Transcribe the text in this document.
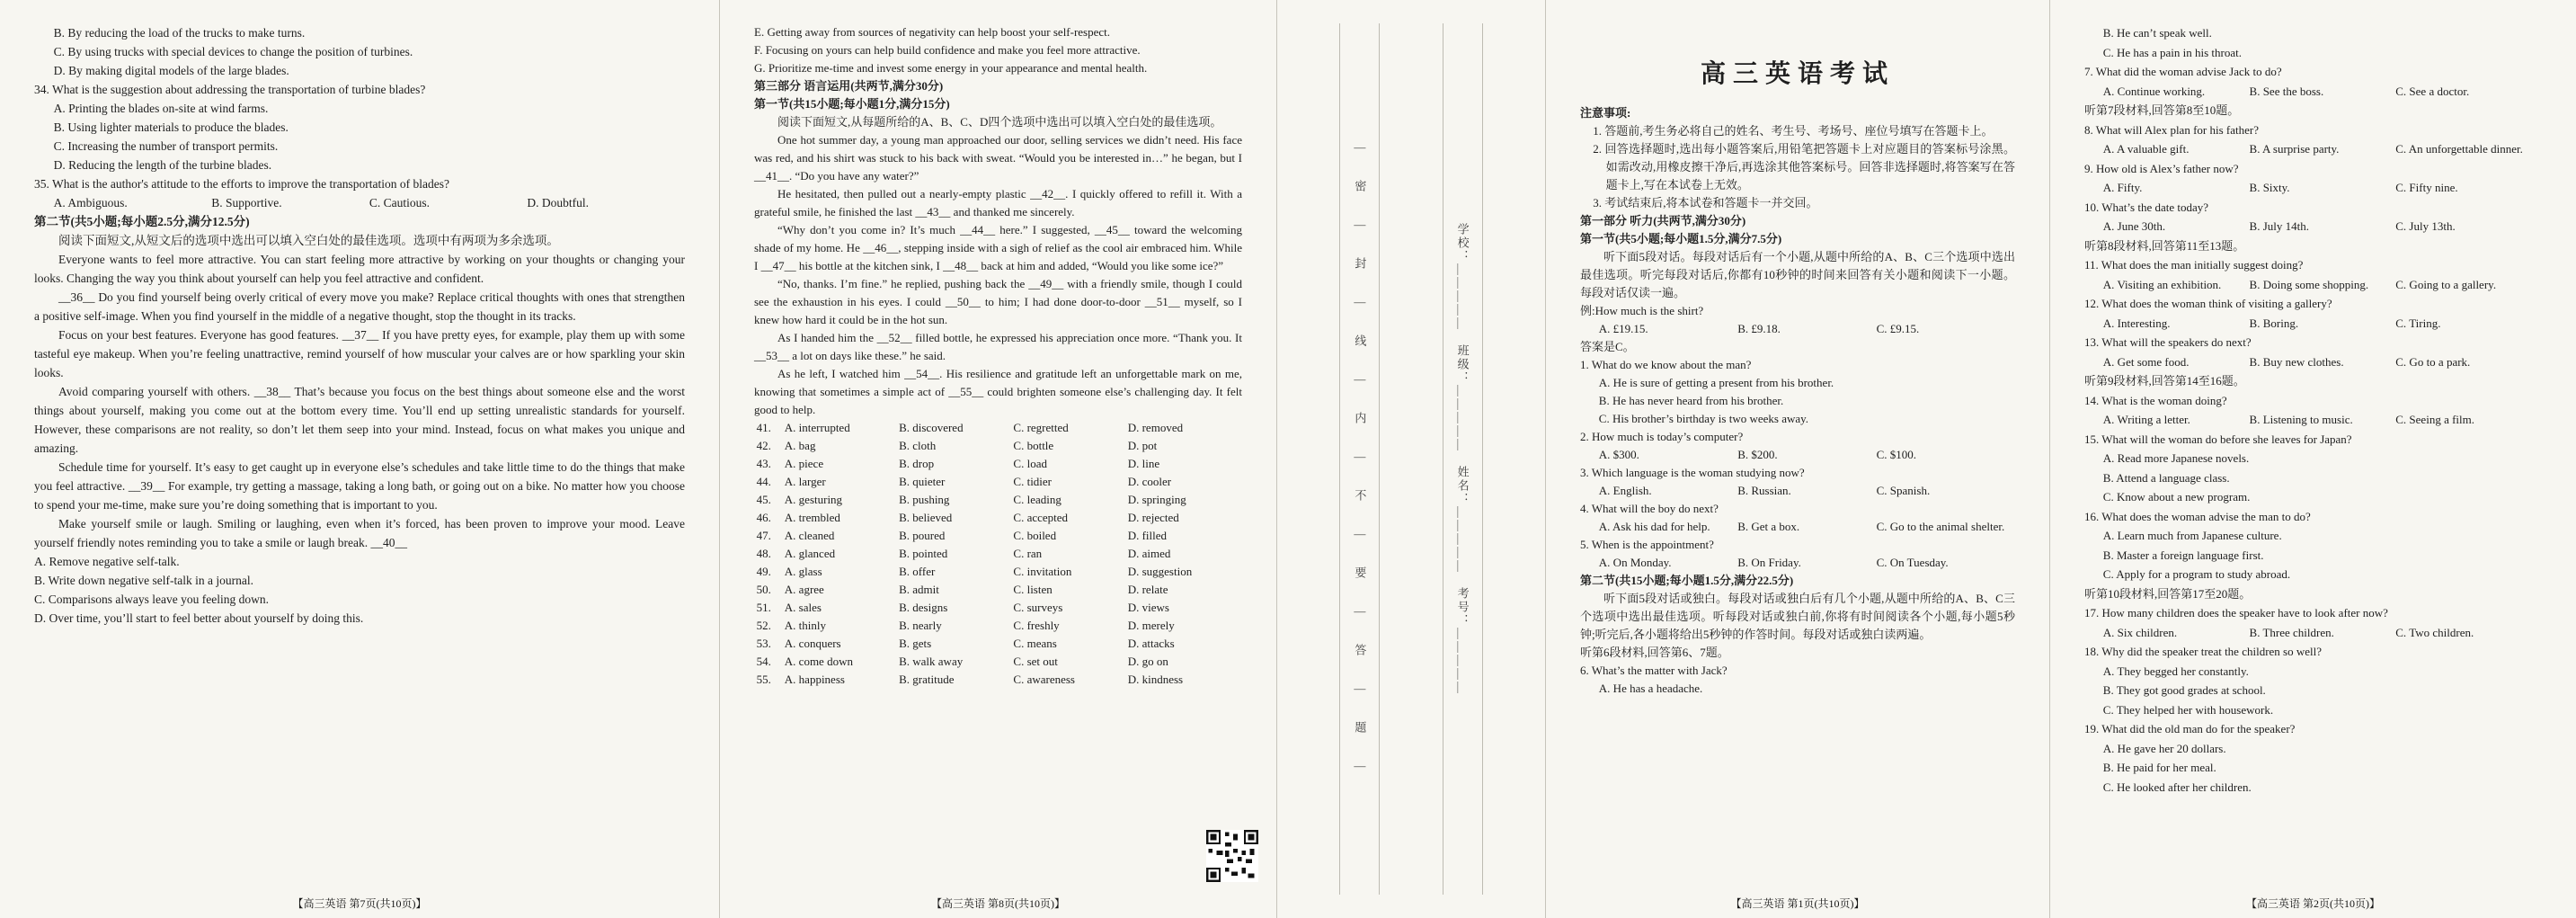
B. By reducing the load of the trucks to make turns.
C. By using trucks with special devices to change the position of turbines.
D. By making digital models of the large blades.
34. What is the suggestion about addressing the transportation of turbine blades?
A. Printing the blades on-site at wind farms.
B. Using lighter materials to produce the blades.
C. Increasing the number of transport permits.
D. Reducing the length of the turbine blades.
35. What is the author's attitude to the efforts to improve the transportation of blades?
A. Ambiguous.	B. Supportive.	C. Cautious.	D. Doubtful.
第二节(共5小题;每小题2.5分,满分12.5分)
阅读下面短文,从短文后的选项中选出可以填入空白处的最佳选项。选项中有两项为多余选项。
Everyone wants to feel more attractive. You can start feeling more attractive by working on your thoughts or changing your looks. Changing the way you think about yourself can help you feel attractive and confident.
__36__ Do you find yourself being overly critical of every move you make? Replace critical thoughts with ones that strengthen a positive self-image. When you find yourself in the middle of a negative thought, stop the thought in its tracks.
Focus on your best features. Everyone has good features. __37__ If you have pretty eyes, for example, play them up with some tasteful eye makeup. When you’re feeling unattractive, remind yourself of how muscular your calves are or how sparkling your skin looks.
Avoid comparing yourself with others. __38__ That’s because you focus on the best things about someone else and the worst things about yourself, making you come out at the bottom every time. You’ll end up setting unrealistic standards for yourself. However, these comparisons are not reality, so don’t let them seep into your mind. Instead, focus on what makes you unique and amazing.
Schedule time for yourself. It’s easy to get caught up in everyone else’s schedules and take little time to do the things that make you feel attractive. __39__ For example, try getting a massage, taking a long bath, or going out on a bike. No matter how you choose to spend your me-time, make sure you’re doing something that is important to you.
Make yourself smile or laugh. Smiling or laughing, even when it’s forced, has been proven to improve your mood. Leave yourself friendly notes reminding you to take a smile or laugh break. __40__
A. Remove negative self-talk.
B. Write down negative self-talk in a journal.
C. Comparisons always leave you feeling down.
D. Over time, you’ll start to feel better about yourself by doing this.
【高三英语 第7页(共10页)】
E. Getting away from sources of negativity can help boost your self-respect.
F. Focusing on yours can help build confidence and make you feel more attractive.
G. Prioritize me-time and invest some energy in your appearance and mental health.
第三部分 语言运用(共两节,满分30分)
第一节(共15小题;每小题1分,满分15分)
阅读下面短文,从每题所给的A、B、C、D四个选项中选出可以填入空白处的最佳选项。
One hot summer day, a young man approached our door, selling services we didn’t need. His face was red, and his shirt was stuck to his back with sweat. “Would you be interested in…” he began, but I __41__. “Do you have any water?”
He hesitated, then pulled out a nearly-empty plastic __42__. I quickly offered to refill it. With a grateful smile, he finished the last __43__ and thanked me sincerely.
“Why don’t you come in? It’s much __44__ here.” I suggested, __45__ toward the welcoming shade of my home. He __46__, stepping inside with a sigh of relief as the cool air embraced him. While I __47__ his bottle at the kitchen sink, I __48__ back at him and added, “Would you like some ice?”
“No, thanks. I’m fine.” he replied, pushing back the __49__ with a friendly smile, though I could see the exhaustion in his eyes. I could __50__ to him; I had done door-to-door __51__ myself, so I knew how hard it could be in the hot sun.
As I handed him the __52__ filled bottle, he expressed his appreciation once more. “Thank you. It __53__ a lot on days like these.” he said.
As he left, I watched him __54__. His resilience and gratitude left an unforgettable mark on me, knowing that sometimes a simple act of __55__ could brighten someone else’s challenging day. It felt good to help.
41.	A. interrupted	B. discovered	C. regretted	D. removed
42.	A. bag	B. cloth	C. bottle	D. pot
43.	A. piece	B. drop	C. load	D. line
44.	A. larger	B. quieter	C. tidier	D. cooler
45.	A. gesturing	B. pushing	C. leading	D. springing
46.	A. trembled	B. believed	C. accepted	D. rejected
47.	A. cleaned	B. poured	C. boiled	D. filled
48.	A. glanced	B. pointed	C. ran	D. aimed
49.	A. glass	B. offer	C. invitation	D. suggestion
50.	A. agree	B. admit	C. listen	D. relate
51.	A. sales	B. designs	C. surveys	D. views
52.	A. thinly	B. nearly	C. freshly	D. merely
53.	A. conquers	B. gets	C. means	D. attacks
54.	A. come down	B. walk away	C. set out	D. go on
55.	A. happiness	B. gratitude	C. awareness	D. kindness
【高三英语 第8页(共10页)】
— 密 — 封 — 线 — 内 — 不 — 要 — 答 — 题 —	学校：＿＿＿＿＿　班级：＿＿＿＿＿　姓名：＿＿＿＿＿　考号：＿＿＿＿＿
高三英语考试
注意事项:
1. 答题前,考生务必将自己的姓名、考生号、考场号、座位号填写在答题卡上。
2. 回答选择题时,选出每小题答案后,用铅笔把答题卡上对应题目的答案标号涂黑。如需改动,用橡皮擦干净后,再选涂其他答案标号。回答非选择题时,将答案写在答题卡上,写在本试卷上无效。
3. 考试结束后,将本试卷和答题卡一并交回。
第一部分 听力(共两节,满分30分)
第一节(共5小题;每小题1.5分,满分7.5分)
听下面5段对话。每段对话后有一个小题,从题中所给的A、B、C三个选项中选出最佳选项。听完每段对话后,你都有10秒钟的时间来回答有关小题和阅读下一小题。每段对话仅读一遍。
例:How much is the shirt?
A. £19.15.	B. £9.18.	C. £9.15.
答案是C。
1. What do we know about the man?
A. He is sure of getting a present from his brother.
B. He has never heard from his brother.
C. His brother’s birthday is two weeks away.
2. How much is today’s computer?
A. $300.	B. $200.	C. $100.
3. Which language is the woman studying now?
A. English.	B. Russian.	C. Spanish.
4. What will the boy do next?
A. Ask his dad for help.	B. Get a box.	C. Go to the animal shelter.
5. When is the appointment?
A. On Monday.	B. On Friday.	C. On Tuesday.
第二节(共15小题;每小题1.5分,满分22.5分)
听下面5段对话或独白。每段对话或独白后有几个小题,从题中所给的A、B、C三个选项中选出最佳选项。听每段对话或独白前,你将有时间阅读各个小题,每小题5秒钟;听完后,各小题将给出5秒钟的作答时间。每段对话或独白读两遍。
听第6段材料,回答第6、7题。
6. What’s the matter with Jack?
A. He has a headache.
【高三英语 第1页(共10页)】
B. He can’t speak well.
C. He has a pain in his throat.
7. What did the woman advise Jack to do?
A. Continue working.	B. See the boss.	C. See a doctor.
听第7段材料,回答第8至10题。
8. What will Alex plan for his father?
A. A valuable gift.	B. A surprise party.	C. An unforgettable dinner.
9. How old is Alex’s father now?
A. Fifty.	B. Sixty.	C. Fifty nine.
10. What’s the date today?
A. June 30th.	B. July 14th.	C. July 13th.
听第8段材料,回答第11至13题。
11. What does the man initially suggest doing?
A. Visiting an exhibition.	B. Doing some shopping.	C. Going to a gallery.
12. What does the woman think of visiting a gallery?
A. Interesting.	B. Boring.	C. Tiring.
13. What will the speakers do next?
A. Get some food.	B. Buy new clothes.	C. Go to a park.
听第9段材料,回答第14至16题。
14. What is the woman doing?
A. Writing a letter.	B. Listening to music.	C. Seeing a film.
15. What will the woman do before she leaves for Japan?
A. Read more Japanese novels.
B. Attend a language class.
C. Know about a new program.
16. What does the woman advise the man to do?
A. Learn much from Japanese culture.
B. Master a foreign language first.
C. Apply for a program to study abroad.
听第10段材料,回答第17至20题。
17. How many children does the speaker have to look after now?
A. Six children.	B. Three children.	C. Two children.
18. Why did the speaker treat the children so well?
A. They begged her constantly.
B. They got good grades at school.
C. They helped her with housework.
19. What did the old man do for the speaker?
A. He gave her 20 dollars.
B. He paid for her meal.
C. He looked after her children.
【高三英语 第2页(共10页)】
